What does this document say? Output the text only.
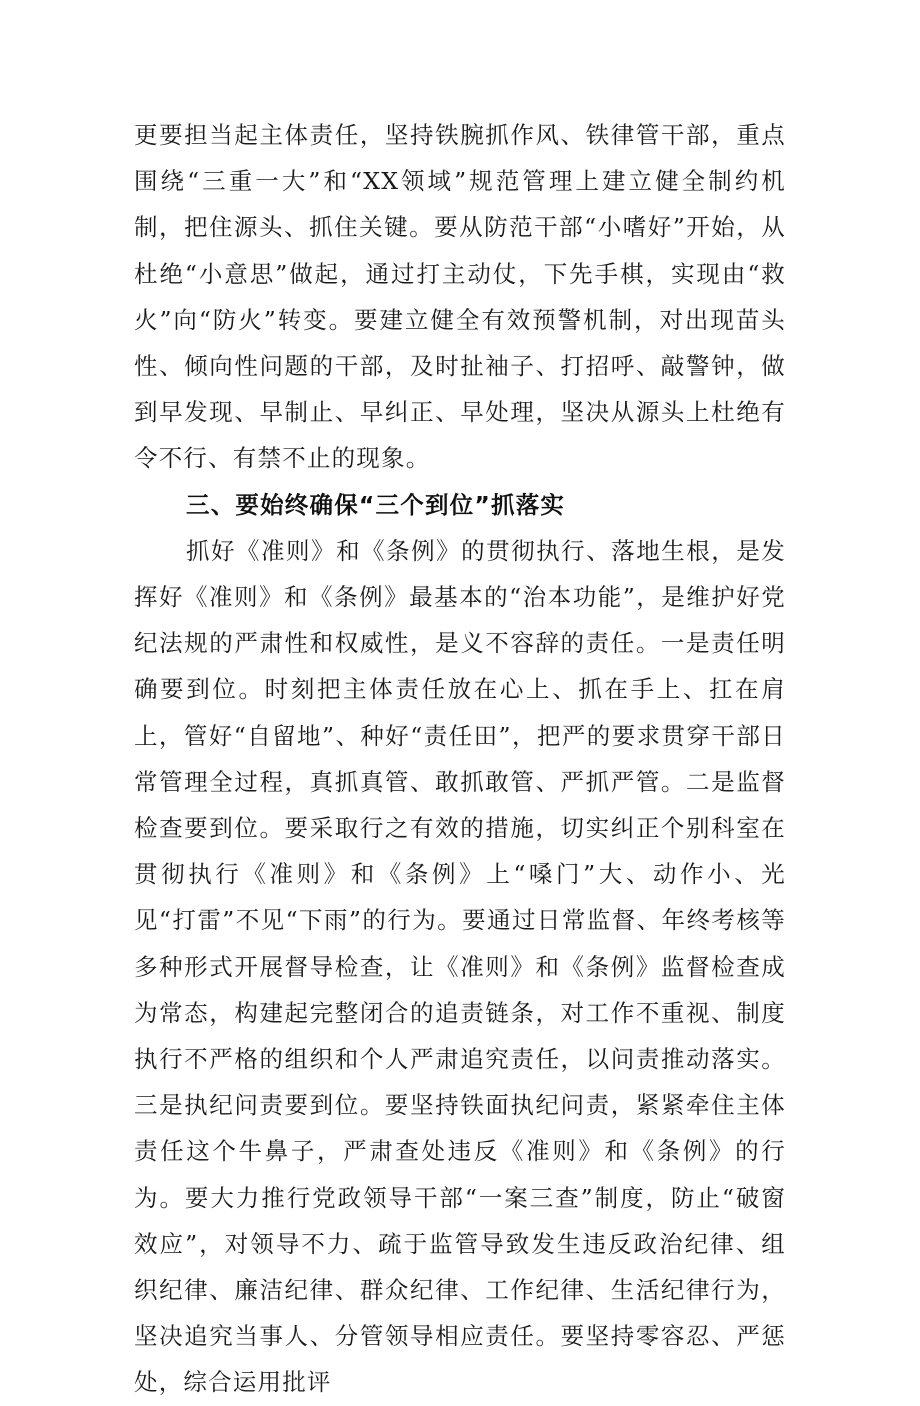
更要担当起主体责任，坚持铁腕抓作风、铁律管干部，重点围绕“三重一大”和“XX领域”规范管理上建立健全制约机制，把住源头、抓住关键。要从防范干部“小嗜好”开始，从杜绝“小意思”做起，通过打主动仗，下先手棋，实现由“救火”向“防火”转变。要建立健全有效预警机制，对出现苗头性、倾向性问题的干部，及时扯袖子、打招呼、敲警钟，做到早发现、早制止、早纠正、早处理，坚决从源头上杜绝有令不行、有禁不止的现象。

三、要始终确保“三个到位”抓落实

抓好《准则》和《条例》的贯彻执行、落地生根，是发挥好《准则》和《条例》最基本的“治本功能”，是维护好党纪法规的严肃性和权威性，是义不容辞的责任。一是责任明确要到位。时刻把主体责任放在心上、抓在手上、扛在肩上，管好“自留地”、种好“责任田”，把严的要求贯穿干部日常管理全过程，真抓真管、敢抓敢管、严抓严管。二是监督检查要到位。要采取行之有效的措施，切实纠正个别科室在贯彻执行《准则》和《条例》上“嗓门”大、动作小、光见“打雷”不见“下雨”的行为。要通过日常监督、年终考核等多种形式开展督导检查，让《准则》和《条例》监督检查成为常态，构建起完整闭合的追责链条，对工作不重视、制度执行不严格的组织和个人严肃追究责任，以问责推动落实。三是执纪问责要到位。要坚持铁面执纪问责，紧紧牵住主体责任这个牛鼻子，严肃查处违反《准则》和《条例》的行为。要大力推行党政领导干部“一案三查”制度，防止“破窗效应”，对领导不力、疏于监管导致发生违反政治纪律、组织纪律、廉洁纪律、群众纪律、工作纪律、生活纪律行为，坚决追究当事人、分管领导相应责任。要坚持零容忍、严惩处，综合运用批评
